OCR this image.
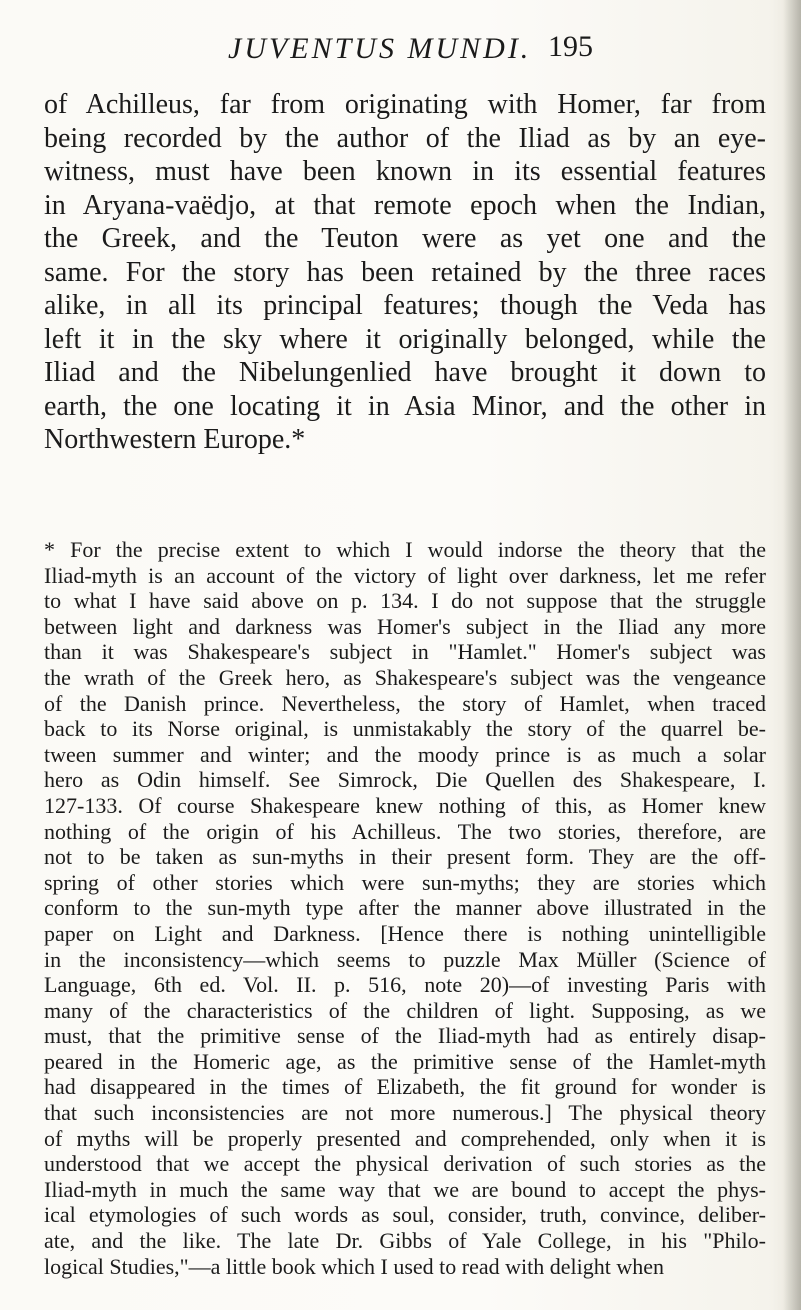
JUVENTUS MUNDI. 195
of Achilleus, far from originating with Homer, far from
being recorded by the author of the Iliad as by an eye-
witness, must have been known in its essential features
in Aryana-vaëdjo, at that remote epoch when the Indian,
the Greek, and the Teuton were as yet one and the
same. For the story has been retained by the three races
alike, in all its principal features; though the Veda has
left it in the sky where it originally belonged, while the
Iliad and the Nibelungenlied have brought it down to
earth, the one locating it in Asia Minor, and the other in
Northwestern Europe.*
* For the precise extent to which I would indorse the theory that the
Iliad-myth is an account of the victory of light over darkness, let me refer
to what I have said above on p. 134. I do not suppose that the struggle
between light and darkness was Homer's subject in the Iliad any more
than it was Shakespeare's subject in "Hamlet." Homer's subject was
the wrath of the Greek hero, as Shakespeare's subject was the vengeance
of the Danish prince. Nevertheless, the story of Hamlet, when traced
back to its Norse original, is unmistakably the story of the quarrel be-
tween summer and winter; and the moody prince is as much a solar
hero as Odin himself. See Simrock, Die Quellen des Shakespeare, I.
127-133. Of course Shakespeare knew nothing of this, as Homer knew
nothing of the origin of his Achilleus. The two stories, therefore, are
not to be taken as sun-myths in their present form. They are the off-
spring of other stories which were sun-myths; they are stories which
conform to the sun-myth type after the manner above illustrated in the
paper on Light and Darkness. [Hence there is nothing unintelligible
in the inconsistency—which seems to puzzle Max Müller (Science of
Language, 6th ed. Vol. II. p. 516, note 20)—of investing Paris with
many of the characteristics of the children of light. Supposing, as we
must, that the primitive sense of the Iliad-myth had as entirely disap-
peared in the Homeric age, as the primitive sense of the Hamlet-myth
had disappeared in the times of Elizabeth, the fit ground for wonder is
that such inconsistencies are not more numerous.] The physical theory
of myths will be properly presented and comprehended, only when it is
understood that we accept the physical derivation of such stories as the
Iliad-myth in much the same way that we are bound to accept the phys-
ical etymologies of such words as soul, consider, truth, convince, deliber-
ate, and the like. The late Dr. Gibbs of Yale College, in his "Philo-
logical Studies,"—a little book which I used to read with delight when
